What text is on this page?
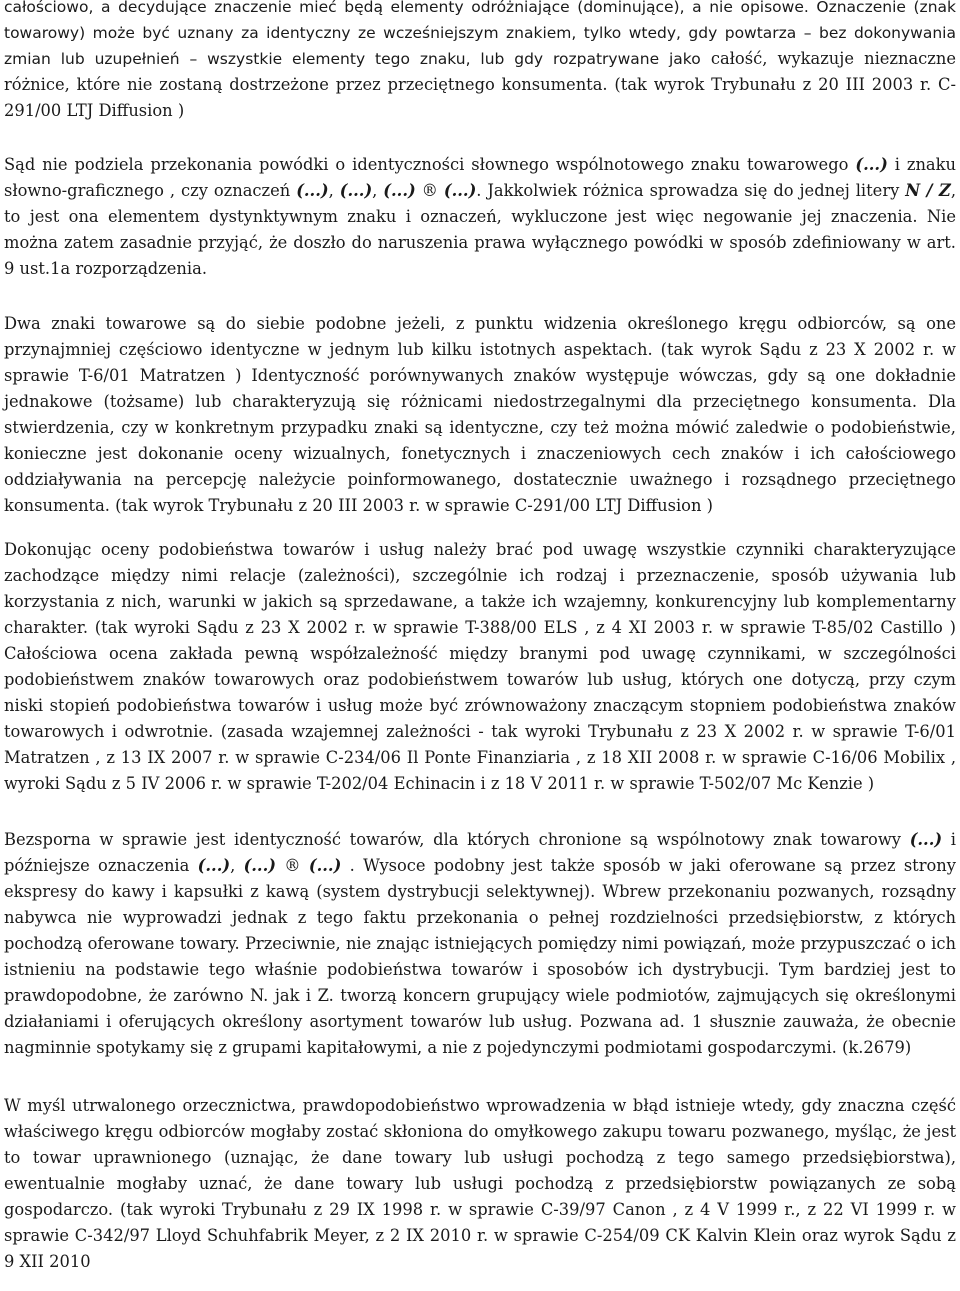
całościowo, a decydujące znaczenie mieć będą elementy odróżniające (dominujące), a nie opisowe. Oznaczenie (znak towarowy) może być uznany za identyczny ze wcześniejszym znakiem, tylko wtedy, gdy powtarza – bez dokonywania zmian lub uzupełnień – wszystkie elementy tego znaku, lub gdy rozpatrywane jako całość, wykazuje nieznaczne różnice, które nie zostaną dostrzeżone przez przeciętnego konsumenta. (tak wyrok Trybunału z 20 III 2003 r. C-291/00 LTJ Diffusion )

Sąd nie podziela przekonania powódki o identyczności słownego wspólnotowego znaku towarowego (...) i znaku słowno-graficznego , czy oznaczeń (...), (...), (...) ® (...). Jakkolwiek różnica sprowadza się do jednej litery N / Z, to jest ona elementem dystynktywnym znaku i oznaczeń, wykluczone jest więc negowanie jej znaczenia. Nie można zatem zasadnie przyjąć, że doszło do naruszenia prawa wyłącznego powódki w sposób zdefiniowany w art. 9 ust.1a rozporządzenia.

Dwa znaki towarowe są do siebie podobne jeżeli, z punktu widzenia określonego kręgu odbiorców, są one przynajmniej częściowo identyczne w jednym lub kilku istotnych aspektach. (tak wyrok Sądu z 23 X 2002 r. w sprawie T-6/01 Matratzen ) Identyczność porównywanych znaków występuje wówczas, gdy są one dokładnie jednakowe (tożsame) lub charakteryzują się różnicami niedostrzegalnymi dla przeciętnego konsumenta. Dla stwierdzenia, czy w konkretnym przypadku znaki są identyczne, czy też można mówić zaledwie o podobieństwie, konieczne jest dokonanie oceny wizualnych, fonetycznych i znaczeniowych cech znaków i ich całościowego oddziaływania na percepcję należycie poinformowanego, dostatecznie uważnego i rozsądnego przeciętnego konsumenta. (tak wyrok Trybunału z 20 III 2003 r. w sprawie C-291/00 LTJ Diffusion )

Dokonując oceny podobieństwa towarów i usług należy brać pod uwagę wszystkie czynniki charakteryzujące zachodzące między nimi relacje (zależności), szczególnie ich rodzaj i przeznaczenie, sposób używania lub korzystania z nich, warunki w jakich są sprzedawane, a także ich wzajemny, konkurencyjny lub komplementarny charakter. (tak wyroki Sądu z 23 X 2002 r. w sprawie T-388/00 ELS , z 4 XI 2003 r. w sprawie T-85/02 Castillo ) Całościowa ocena zakłada pewną współzależność między branymi pod uwagę czynnikami, w szczególności podobieństwem znaków towarowych oraz podobieństwem towarów lub usług, których one dotyczą, przy czym niski stopień podobieństwa towarów i usług może być zrównoważony znaczącym stopniem podobieństwa znaków towarowych i odwrotnie. (zasada wzajemnej zależności - tak wyroki Trybunału z 23 X 2002 r. w sprawie T-6/01 Matratzen , z 13 IX 2007 r. w sprawie C-234/06 Il Ponte Finanziaria , z 18 XII 2008 r. w sprawie C-16/06 Mobilix , wyroki Sądu z 5 IV 2006 r. w sprawie T-202/04 Echinacin i z 18 V 2011 r. w sprawie T-502/07 Mc Kenzie )

Bezsporna w sprawie jest identyczność towarów, dla których chronione są wspólnotowy znak towarowy (...) i późniejsze oznaczenia (...), (...) ® (...) . Wysoce podobny jest także sposób w jaki oferowane są przez strony ekspresy do kawy i kapsułki z kawą (system dystrybucji selektywnej). Wbrew przekonaniu pozwanych, rozsądny nabywca nie wyprowadzi jednak z tego faktu przekonania o pełnej rozdzielności przedsiębiorstw, z których pochodzą oferowane towary. Przeciwnie, nie znając istniejących pomiędzy nimi powiązań, może przypuszczać o ich istnieniu na podstawie tego właśnie podobieństwa towarów i sposobów ich dystrybucji. Tym bardziej jest to prawdopodobne, że zarówno N. jak i Z. tworzą koncern grupujący wiele podmiotów, zajmujących się określonymi działaniami i oferujących określony asortyment towarów lub usług. Pozwana ad. 1 słusznie zauważa, że obecnie nagminnie spotykamy się z grupami kapitałowymi, a nie z pojedynczymi podmiotami gospodarczymi. (k.2679)

W myśl utrwalonego orzecznictwa, prawdopodobieństwo wprowadzenia w błąd istnieje wtedy, gdy znaczna część właściwego kręgu odbiorców mogłaby zostać skłoniona do omyłkowego zakupu towaru pozwanego, myśląc, że jest to towar uprawnionego (uznając, że dane towary lub usługi pochodzą z tego samego przedsiębiorstwa), ewentualnie mogłaby uznać, że dane towary lub usługi pochodzą z przedsiębiorstw powiązanych ze sobą gospodarczo. (tak wyroki Trybunału z 29 IX 1998 r. w sprawie C-39/97 Canon , z 4 V 1999 r., z 22 VI 1999 r. w sprawie C-342/97 Lloyd Schuhfabrik Meyer, z 2 IX 2010 r. w sprawie C-254/09 CK Kalvin Klein oraz wyrok Sądu z 9 XII 2010
